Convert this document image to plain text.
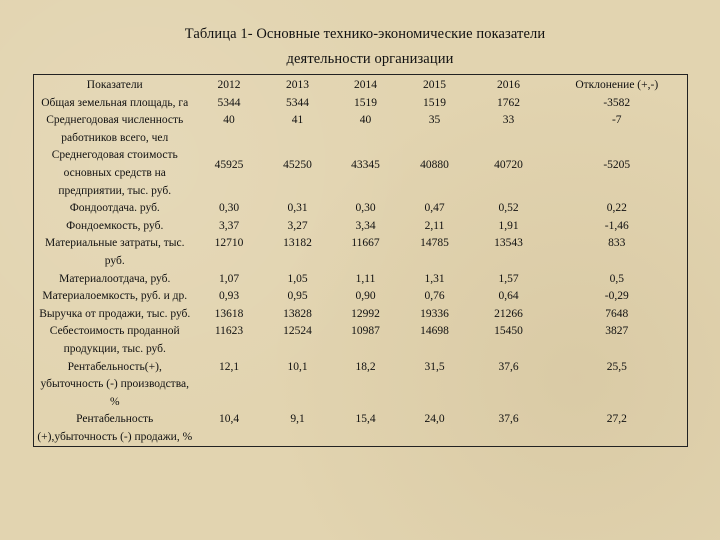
Таблица 1- Основные технико-экономические показатели
деятельности организации
Показатели	2012	2013	2014	2015	2016	Отклонение (+,-)
Общая земельная площадь, га	5344	5344	1519	1519	1762	-3582
Среднегодовая численность работников всего, чел	40	41	40	35	33	-7
Среднегодовая стоимость основных средств на предприятии, тыс. руб.	45925	45250	43345	40880	40720	-5205
Фондоотдача. руб.	0,30	0,31	0,30	0,47	0,52	0,22
Фондоемкость, руб.	3,37	3,27	3,34	2,11	1,91	-1,46
Материальные затраты, тыс. руб.	12710	13182	11667	14785	13543	833
Материалоотдача, руб.	1,07	1,05	1,11	1,31	1,57	0,5
Материалоемкость, руб. и др.	0,93	0,95	0,90	0,76	0,64	-0,29
Выручка от продажи, тыс. руб.	13618	13828	12992	19336	21266	7648
Себестоимость проданной продукции, тыс. руб.	11623	12524	10987	14698	15450	3827
Рентабельность(+), убыточность (-) производства, %	12,1	10,1	18,2	31,5	37,6	25,5
Рентабельность (+),убыточность (-) продажи, %	10,4	9,1	15,4	24,0	37,6	27,2
